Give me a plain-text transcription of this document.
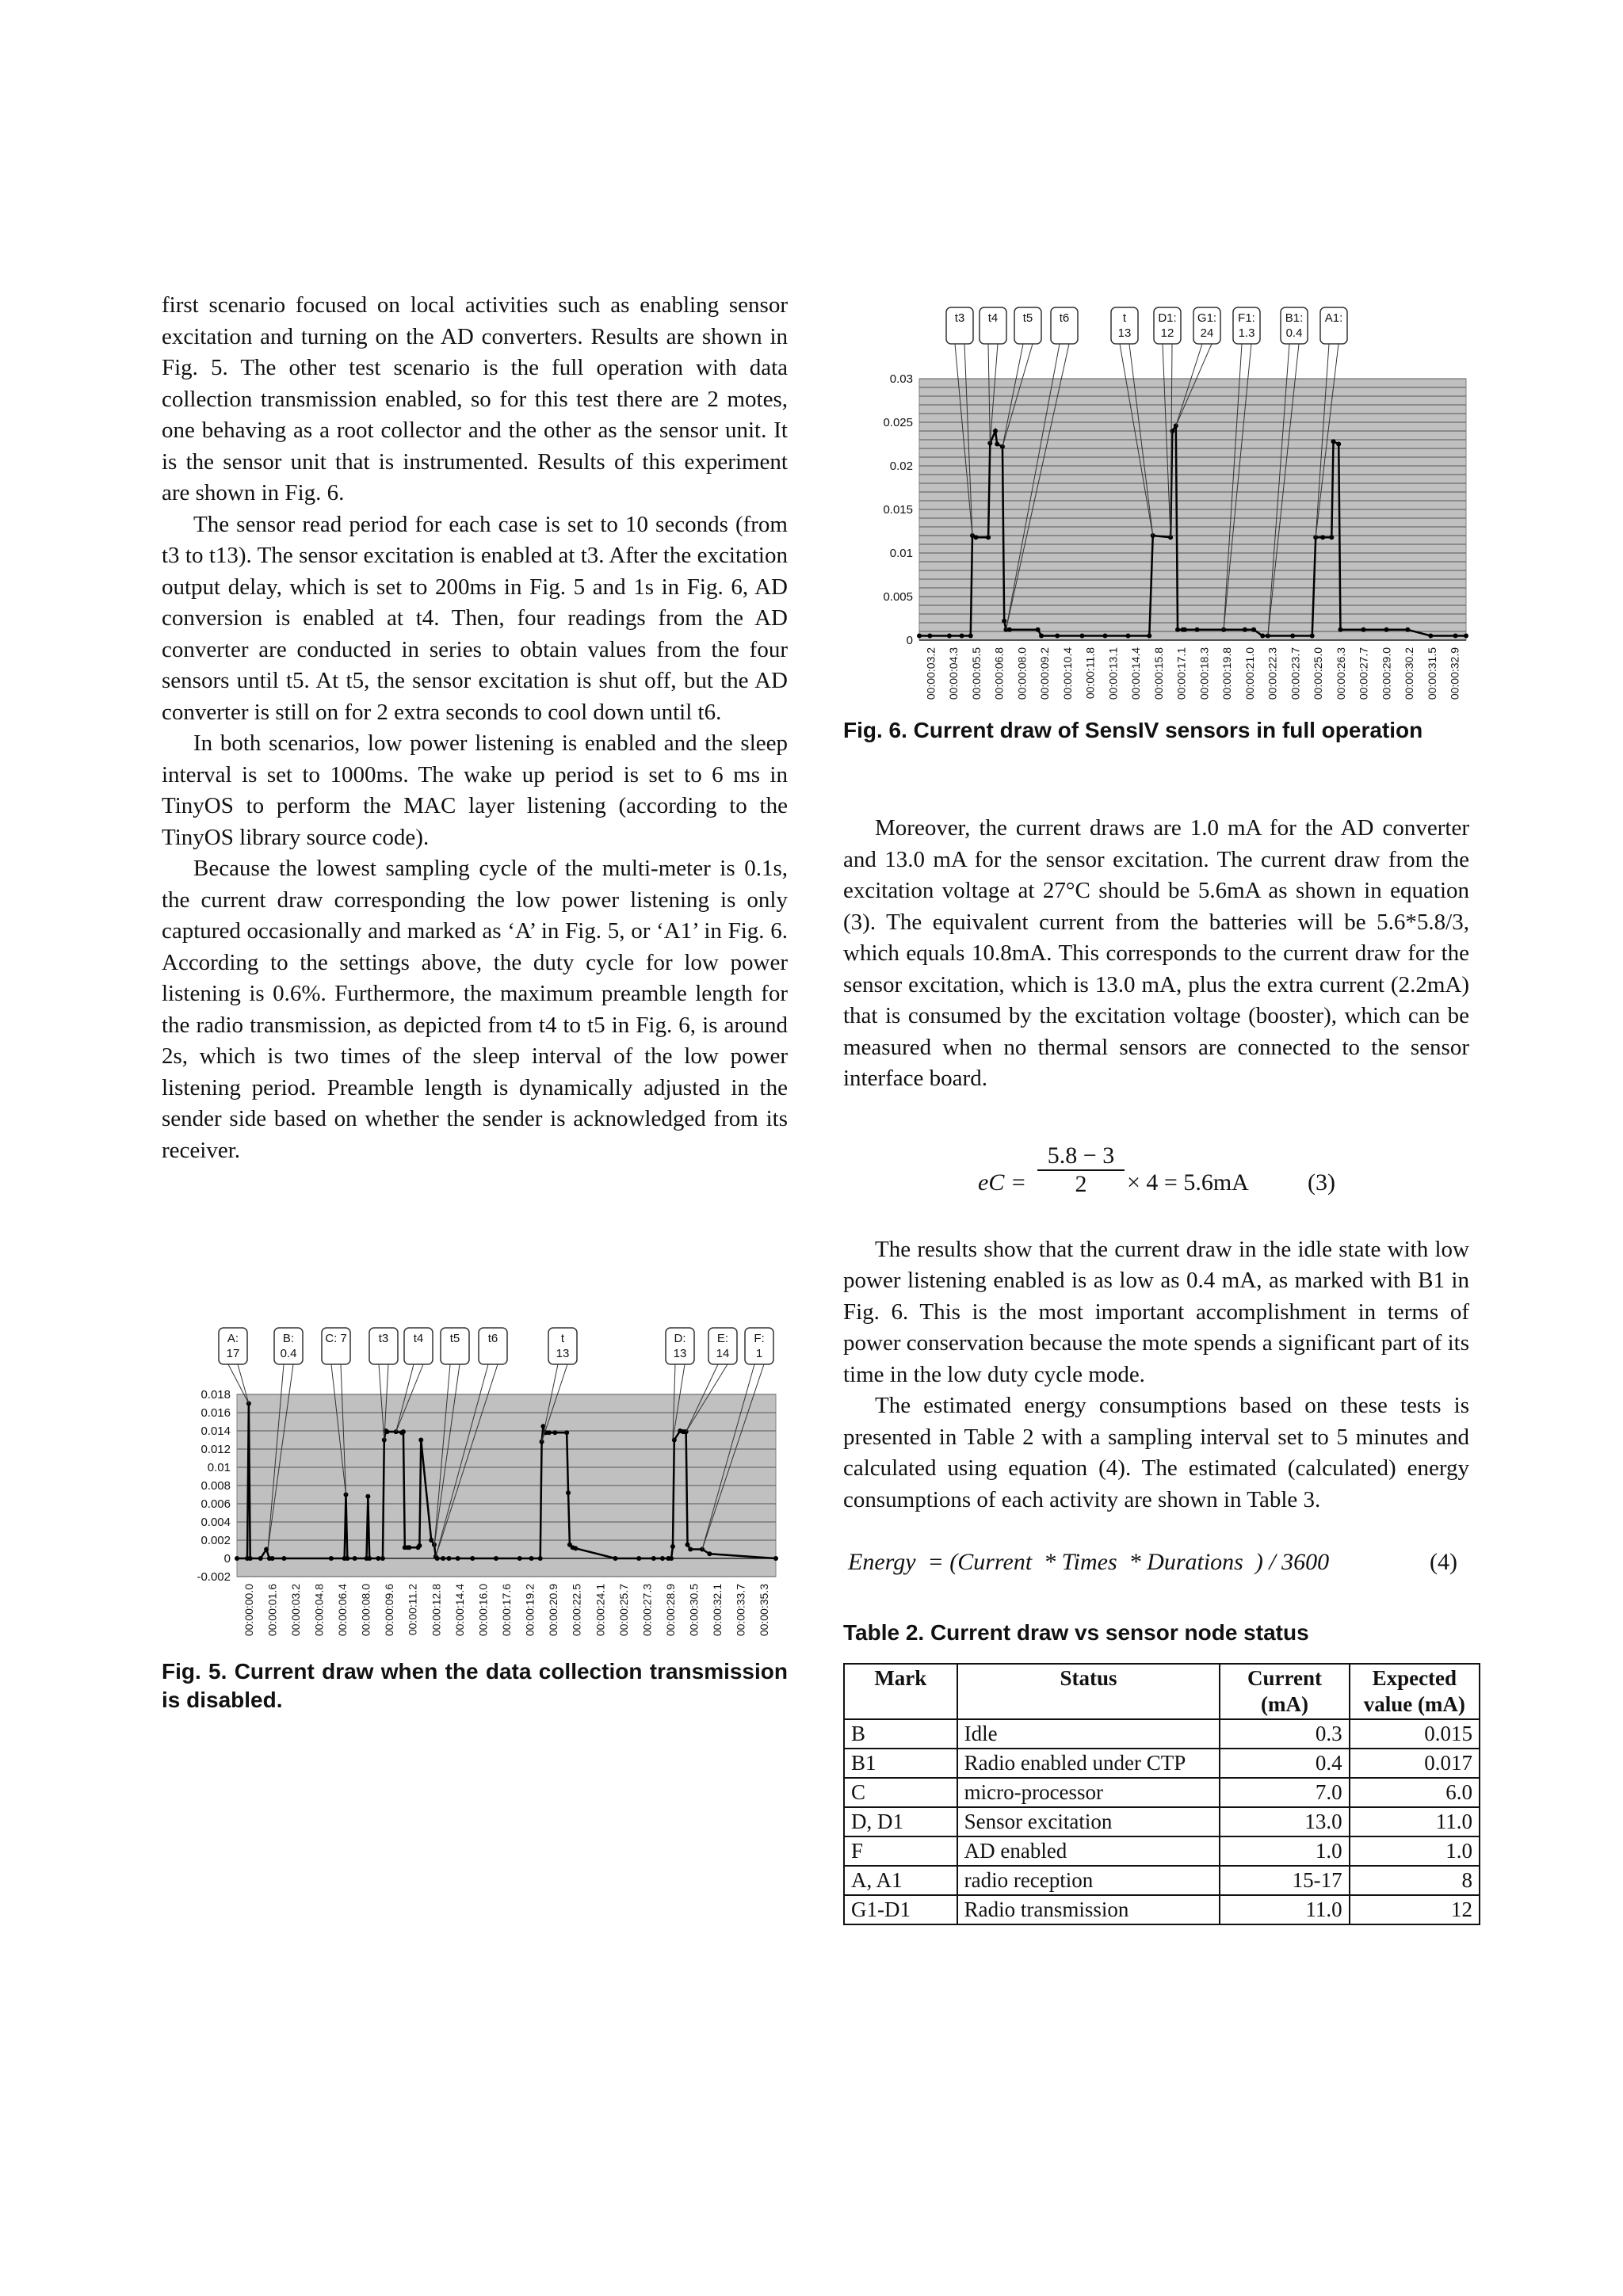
first scenario focused on local activities such as enabling sensor excitation and turning on the AD converters. Results are shown in Fig. 5. The other test scenario is the full operation with data collection transmission enabled, so for this test there are 2 motes, one behaving as a root collector and the other as the sensor unit. It is the sensor unit that is instrumented. Results of this experiment are shown in Fig. 6.

The sensor read period for each case is set to 10 seconds (from t3 to t13). The sensor excitation is enabled at t3. After the excitation output delay, which is set to 200ms in Fig. 5 and 1s in Fig. 6, AD conversion is enabled at t4. Then, four readings from the AD converter are conducted in series to obtain values from the four sensors until t5. At t5, the sensor excitation is shut off, but the AD converter is still on for 2 extra seconds to cool down until t6.

In both scenarios, low power listening is enabled and the sleep interval is set to 1000ms. The wake up period is set to 6 ms in TinyOS to perform the MAC layer listening (according to the TinyOS library source code).

Because the lowest sampling cycle of the multi-meter is 0.1s, the current draw corresponding the low power listening is only captured occasionally and marked as ‘A’ in Fig. 5, or ‘A1’ in Fig. 6. According to the settings above, the duty cycle for low power listening is 0.6%. Furthermore, the maximum preamble length for the radio transmission, as depicted from t4 to t5 in Fig. 6, is around 2s, which is two times of the sleep interval of the low power listening period. Preamble length is dynamically adjusted in the sender side based on whether the sender is acknowledged from its receiver.

0.018
0.016
0.014
0.012
0.01
0.008
0.006
0.004
0.002
0
-0.002
00:00:00.0 00:00:01.6 00:00:03.2 00:00:04.8 00:00:06.4 00:00:08.0 00:00:09.6 00:00:11.2 00:00:12.8 00:00:14.4 00:00:16.0 00:00:17.6 00:00:19.2 00:00:20.9 00:00:22.5 00:00:24.1 00:00:25.7 00:00:27.3 00:00:28.9 00:00:30.5 00:00:32.1 00:00:33.7 00:00:35.3
A:
17
B:
0.4
C: 7	t3 t4 t5 t6	t
13
D:
13
E:
14
F:
1

Fig. 5. Current draw when the data collection transmission is disabled.

0.03
0.025
0.02
0.015
0.01
0.005
0
00:00:03.2 00:00:04.3 00:00:05.5 00:00:06.8 00:00:08.0 00:00:09.2 00:00:10.4 00:00:11.8 00:00:13.1 00:00:14.4 00:00:15.8 00:00:17.1 00:00:18.3 00:00:19.8 00:00:21.0 00:00:22.3 00:00:23.7 00:00:25.0 00:00:26.3 00:00:27.7 00:00:29.0 00:00:30.2 00:00:31.5 00:00:32.9
t3 t4 t5 t6	t
13
D1:
12
G1:
24
F1:
1.3
B1:
0.4
A1:

Fig. 6. Current draw of SensIV sensors in full operation

Moreover, the current draws are 1.0 mA for the AD converter and 13.0 mA for the sensor excitation. The current draw from the excitation voltage at 27°C should be 5.6mA as shown in equation (3). The equivalent current from the batteries will be 5.6*5.8/3, which equals 10.8mA. This corresponds to the current draw for the sensor excitation, which is 13.0 mA, plus the extra current (2.2mA) that is consumed by the excitation voltage (booster), which can be measured when no thermal sensors are connected to the sensor interface board.

eC =
5.8 − 3
2	× 4 = 5.6mA (3)

The results show that the current draw in the idle state with low power listening enabled is as low as 0.4 mA, as marked with B1 in Fig. 6. This is the most important accomplishment in terms of power conservation because the mote spends a significant part of its time in the low duty cycle mode.

The estimated energy consumptions based on these tests is presented in Table 2 with a sampling interval set to 5 minutes and calculated using equation (4). The estimated (calculated) energy consumptions of each activity are shown in Table 3.

Energy  = (Current  * Times  * Durations  ) / 3600	(4)

Table 2. Current draw vs sensor node status

Mark	Status	Current (mA)	Expected value (mA)
B	Idle	0.3	0.015
B1	Radio enabled under CTP	0.4	0.017
C	micro-processor	7.0	6.0
D, D1	Sensor excitation	13.0	11.0
F	AD enabled	1.0	1.0
A, A1	radio reception	15-17	8
G1-D1	Radio transmission	11.0	12
